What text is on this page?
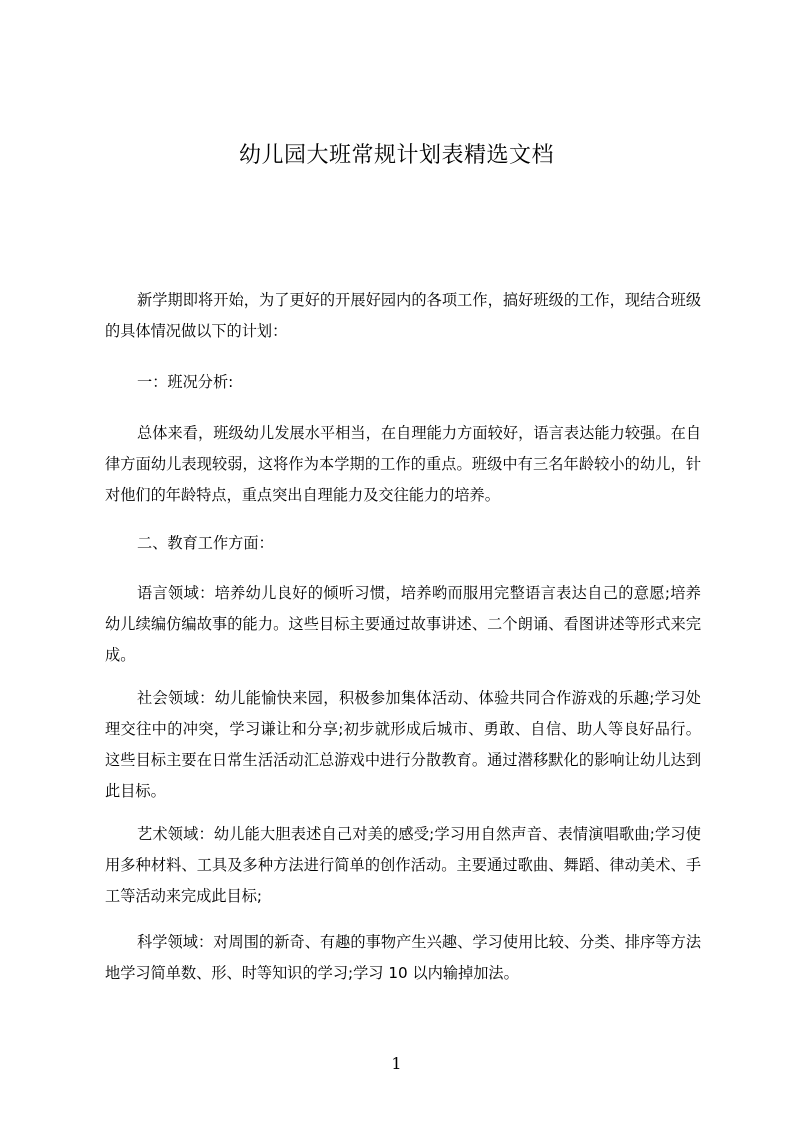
幼儿园大班常规计划表精选文档

新学期即将开始，为了更好的开展好园内的各项工作，搞好班级的工作，现结合班级的具体情况做以下的计划：

一：班况分析:

总体来看，班级幼儿发展水平相当，在自理能力方面较好，语言表达能力较强。在自律方面幼儿表现较弱，这将作为本学期的工作的重点。班级中有三名年龄较小的幼儿，针对他们的年龄特点，重点突出自理能力及交往能力的培养。

二、教育工作方面：

语言领域：培养幼儿良好的倾听习惯，培养哟而服用完整语言表达自己的意愿;培养幼儿续编仿编故事的能力。这些目标主要通过故事讲述、二个朗诵、看图讲述等形式来完成。

社会领域：幼儿能愉快来园，积极参加集体活动、体验共同合作游戏的乐趣;学习处理交往中的冲突，学习谦让和分享;初步就形成后城市、勇敢、自信、助人等良好品行。这些目标主要在日常生活活动汇总游戏中进行分散教育。通过潜移默化的影响让幼儿达到此目标。

艺术领域：幼儿能大胆表述自己对美的感受;学习用自然声音、表情演唱歌曲;学习使用多种材料、工具及多种方法进行简单的创作活动。主要通过歌曲、舞蹈、律动美术、手工等活动来完成此目标;

科学领域：对周围的新奇、有趣的事物产生兴趣、学习使用比较、分类、排序等方法地学习简单数、形、时等知识的学习;学习 10 以内输掉加法。

1
